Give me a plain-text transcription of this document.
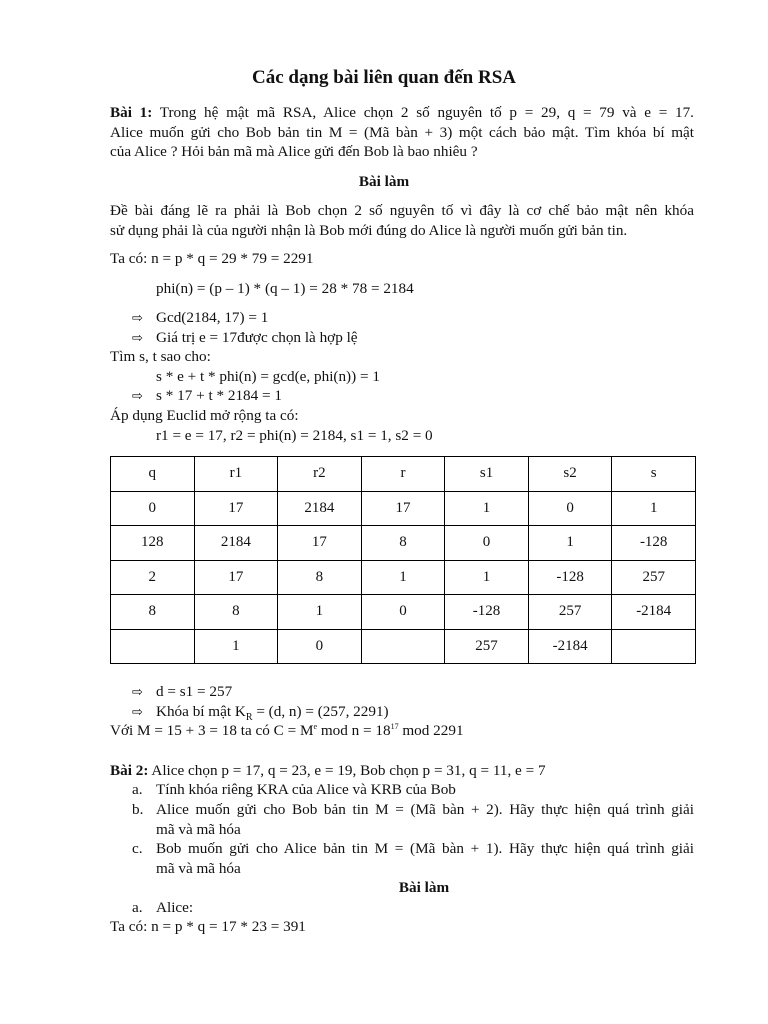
Các dạng bài liên quan đến RSA
Bài 1: Trong hệ mật mã RSA, Alice chọn 2 số nguyên tố p = 29, q = 79 và e = 17.
Alice muốn gửi cho Bob bản tin M = (Mã bàn + 3) một cách bảo mật. Tìm khóa bí mật
của Alice ? Hỏi bản mã mà Alice gửi đến Bob là bao nhiêu ?
Bài làm
Đề bài đáng lẽ ra phải là Bob chọn 2 số nguyên tố vì đây là cơ chế bảo mật nên khóa
sử dụng phải là của người nhận là Bob mới đúng do Alice là người muốn gửi bản tin.
Ta có: n = p * q = 29 * 79 = 2291
phi(n) = (p – 1) * (q – 1) = 28 * 78 = 2184
⇨ Gcd(2184, 17) = 1
⇨ Giá trị e = 17được chọn là hợp lệ
Tìm s, t sao cho:
s * e + t * phi(n) = gcd(e, phi(n)) = 1
⇨ s * 17 + t * 2184 = 1
Áp dụng Euclid mở rộng ta có:
r1 = e = 17, r2 = phi(n) = 2184, s1 = 1, s2 = 0
q	r1	r2	r	s1	s2	s
0	17	2184	17	1	0	1
128	2184	17	8	0	1	-128
2	17	8	1	1	-128	257
8	8	1	0	-128	257	-2184
	1	0		257	-2184	
⇨ d = s1 = 257
⇨ Khóa bí mật $K_R = (d$, n) = (257, 2291)
Với M = 15 + 3 = 18 ta có $C = M^e$ mod $n = 18^{17}$ mod 2291
Bài 2: Alice chọn p = 17, q = 23, e = 19, Bob chọn p = 31, q = 11, e = 7
a. Tính khóa riêng KRA của Alice và KRB của Bob
b. Alice muốn gửi cho Bob bản tin M = (Mã bàn + 2). Hãy thực hiện quá trình giải
mã và mã hóa
c. Bob muốn gửi cho Alice bản tin M = (Mã bàn + 1). Hãy thực hiện quá trình giải
mã và mã hóa
Bài làm
a. Alice:
Ta có: n = p * q = 17 * 23 = 391
